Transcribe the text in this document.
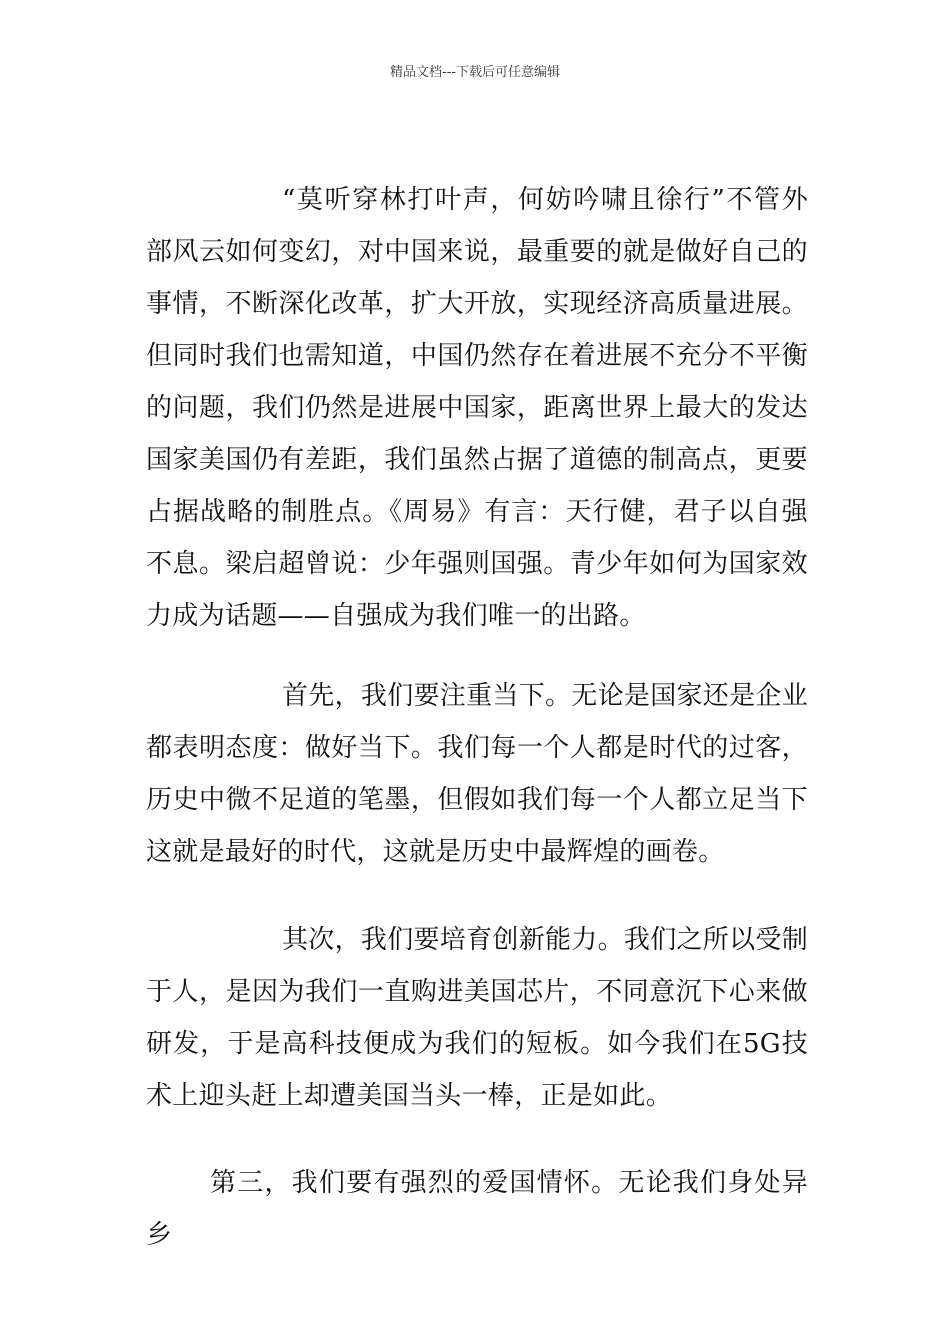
精品文档---下载后可任意编辑

“莫听穿林打叶声，何妨吟啸且徐行”不管外部风云如何变幻，对中国来说，最重要的就是做好自己的事情，不断深化改革，扩大开放，实现经济高质量进展。但同时我们也需知道，中国仍然存在着进展不充分不平衡的问题，我们仍然是进展中国家，距离世界上最大的发达国家美国仍有差距，我们虽然占据了道德的制高点，更要占据战略的制胜点。《周易》有言：天行健，君子以自强不息。梁启超曾说：少年强则国强。青少年如何为国家效力成为话题——自强成为我们唯一的出路。

首先，我们要注重当下。无论是国家还是企业都表明态度：做好当下。我们每一个人都是时代的过客，历史中微不足道的笔墨，但假如我们每一个人都立足当下这就是最好的时代，这就是历史中最辉煌的画卷。

其次，我们要培育创新能力。我们之所以受制于人，是因为我们一直购进美国芯片，不同意沉下心来做研发，于是高科技便成为我们的短板。如今我们在5G技术上迎头赶上却遭美国当头一棒，正是如此。

第三，我们要有强烈的爱国情怀。无论我们身处异乡
